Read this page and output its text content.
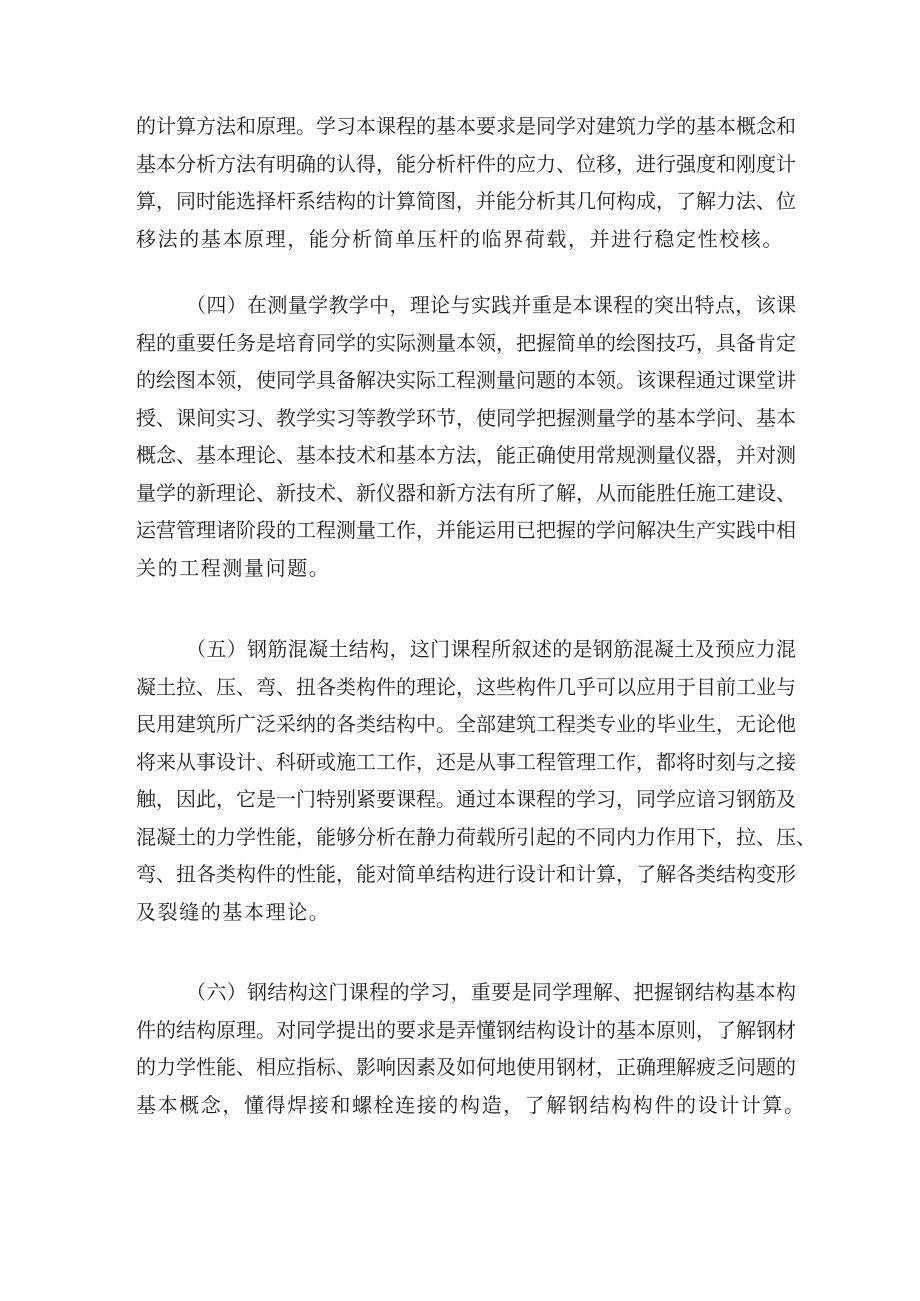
的计算方法和原理。学习本课程的基本要求是同学对建筑力学的基本概念和
基本分析方法有明确的认得，能分析杆件的应力、位移，进行强度和刚度计
算，同时能选择杆系结构的计算简图，并能分析其几何构成，了解力法、位
移法的基本原理，能分析简单压杆的临界荷载，并进行稳定性校核。
（四）在测量学教学中，理论与实践并重是本课程的突出特点，该课
程的重要任务是培育同学的实际测量本领，把握简单的绘图技巧，具备肯定
的绘图本领，使同学具备解决实际工程测量问题的本领。该课程通过课堂讲
授、课间实习、教学实习等教学环节，使同学把握测量学的基本学问、基本
概念、基本理论、基本技术和基本方法，能正确使用常规测量仪器，并对测
量学的新理论、新技术、新仪器和新方法有所了解，从而能胜任施工建设、
运营管理诸阶段的工程测量工作，并能运用已把握的学问解决生产实践中相
关的工程测量问题。
（五）钢筋混凝土结构，这门课程所叙述的是钢筋混凝土及预应力混
凝土拉、压、弯、扭各类构件的理论，这些构件几乎可以应用于目前工业与
民用建筑所广泛采纳的各类结构中。全部建筑工程类专业的毕业生，无论他
将来从事设计、科研或施工工作，还是从事工程管理工作，都将时刻与之接
触，因此，它是一门特别紧要课程。通过本课程的学习，同学应谙习钢筋及
混凝土的力学性能，能够分析在静力荷载所引起的不同内力作用下，拉、压、
弯、扭各类构件的性能，能对简单结构进行设计和计算，了解各类结构变形
及裂缝的基本理论。
（六）钢结构这门课程的学习，重要是同学理解、把握钢结构基本构
件的结构原理。对同学提出的要求是弄懂钢结构设计的基本原则，了解钢材
的力学性能、相应指标、影响因素及如何地使用钢材，正确理解疲乏问题的
基本概念，懂得焊接和螺栓连接的构造，了解钢结构构件的设计计算。
